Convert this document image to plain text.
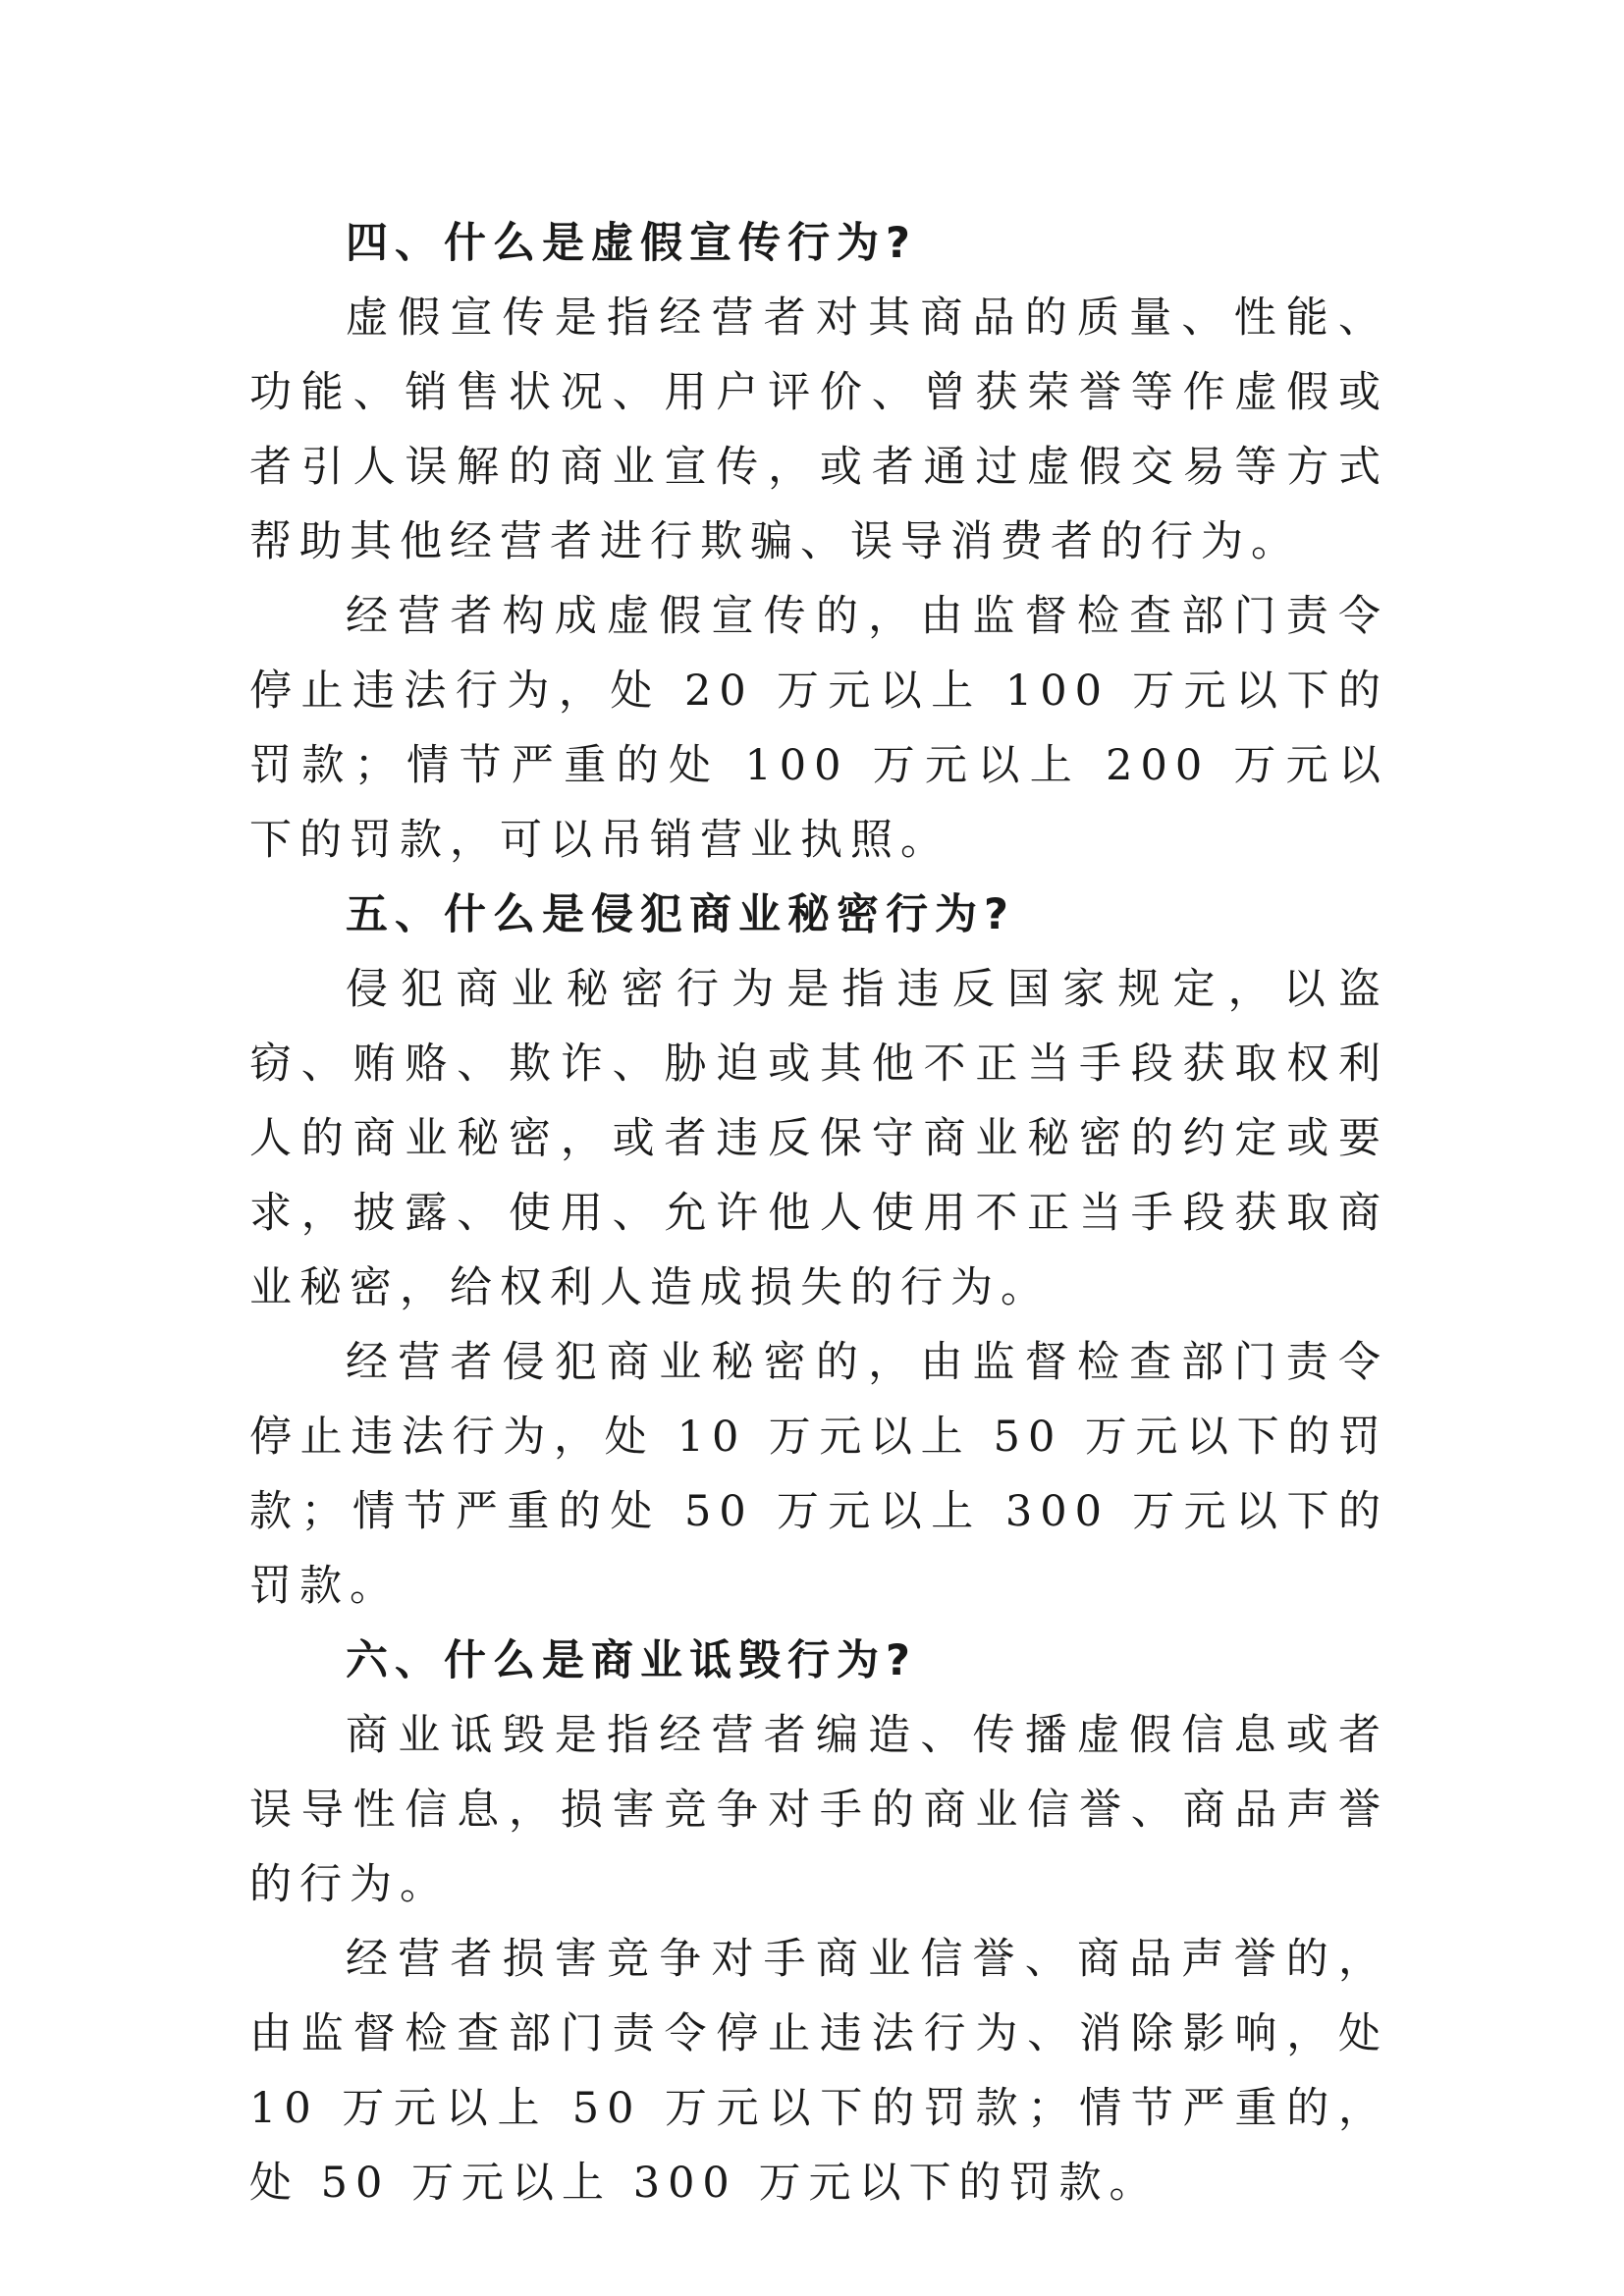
四、什么是虚假宣传行为?

虚假宣传是指经营者对其商品的质量、性能、功能、销售状况、用户评价、曾获荣誉等作虚假或者引人误解的商业宣传，或者通过虚假交易等方式帮助其他经营者进行欺骗、误导消费者的行为。

经营者构成虚假宣传的，由监督检查部门责令停止违法行为，处 20 万元以上 100 万元以下的罚款；情节严重的处 100 万元以上 200 万元以下的罚款，可以吊销营业执照。

五、什么是侵犯商业秘密行为?

侵犯商业秘密行为是指违反国家规定，以盗窃、贿赂、欺诈、胁迫或其他不正当手段获取权利人的商业秘密，或者违反保守商业秘密的约定或要求，披露、使用、允许他人使用不正当手段获取商业秘密，给权利人造成损失的行为。

经营者侵犯商业秘密的，由监督检查部门责令停止违法行为，处 10 万元以上 50 万元以下的罚款；情节严重的处 50 万元以上 300 万元以下的罚款。

六、什么是商业诋毁行为?

商业诋毁是指经营者编造、传播虚假信息或者误导性信息，损害竞争对手的商业信誉、商品声誉的行为。

经营者损害竞争对手商业信誉、商品声誉的，由监督检查部门责令停止违法行为、消除影响，处 10 万元以上 50 万元以下的罚款；情节严重的，处 50 万元以上 300 万元以下的罚款。
